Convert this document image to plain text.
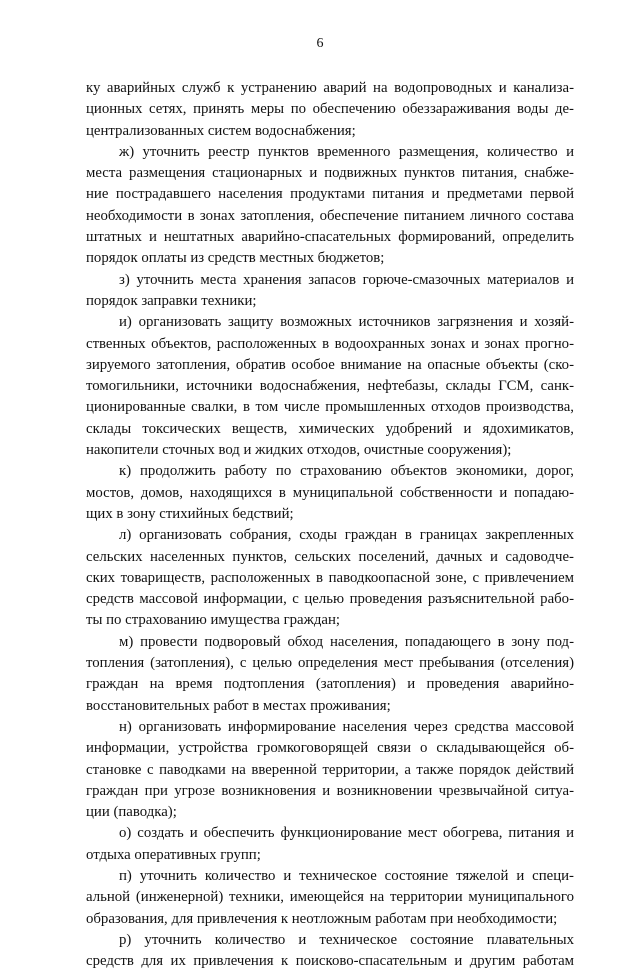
6
ку аварийных служб к устранению аварий на водопроводных и канализа-
ционных сетях, принять меры по обеспечению обеззараживания воды де-
централизованных систем водоснабжения;
ж) уточнить реестр пунктов временного размещения, количество и
места размещения стационарных и подвижных пунктов питания, снабже-
ние пострадавшего населения продуктами питания и предметами первой
необходимости в зонах затопления, обеспечение питанием личного состава
штатных и нештатных аварийно-спасательных формирований, определить
порядок оплаты из средств местных бюджетов;
з) уточнить места хранения запасов горюче-смазочных материалов и
порядок заправки техники;
и) организовать защиту возможных источников загрязнения и хозяй-
ственных объектов, расположенных в водоохранных зонах и зонах прогно-
зируемого затопления, обратив особое внимание на опасные объекты (ско-
томогильники, источники водоснабжения, нефтебазы, склады ГСМ, санк-
ционированные свалки, в том числе промышленных отходов производства,
склады токсических веществ, химических удобрений и ядохимикатов,
накопители сточных вод и жидких отходов, очистные сооружения);
к) продолжить работу по страхованию объектов экономики, дорог,
мостов, домов, находящихся в муниципальной собственности и попадаю-
щих в зону стихийных бедствий;
л) организовать собрания, сходы граждан в границах закрепленных
сельских населенных пунктов, сельских поселений, дачных и садоводче-
ских товариществ, расположенных в паводкоопасной зоне, с привлечением
средств массовой информации, с целью проведения разъяснительной рабо-
ты по страхованию имущества граждан;
м) провести подворовый обход населения, попадающего в зону под-
топления (затопления), с целью определения мест пребывания (отселения)
граждан на время подтопления (затопления) и проведения аварийно-
восстановительных работ в местах проживания;
н) организовать информирование населения через средства массовой
информации, устройства громкоговорящей связи о складывающейся об-
становке с паводками на вверенной территории, а также порядок действий
граждан при угрозе возникновения и возникновении чрезвычайной ситуа-
ции (паводка);
о) создать и обеспечить функционирование мест обогрева, питания и
отдыха оперативных групп;
п) уточнить количество и техническое состояние тяжелой и специ-
альной (инженерной) техники, имеющейся на территории муниципального
образования, для привлечения к неотложным работам при необходимости;
р) уточнить количество и техническое состояние плавательных
средств для их привлечения к поисково-спасательным и другим работам
